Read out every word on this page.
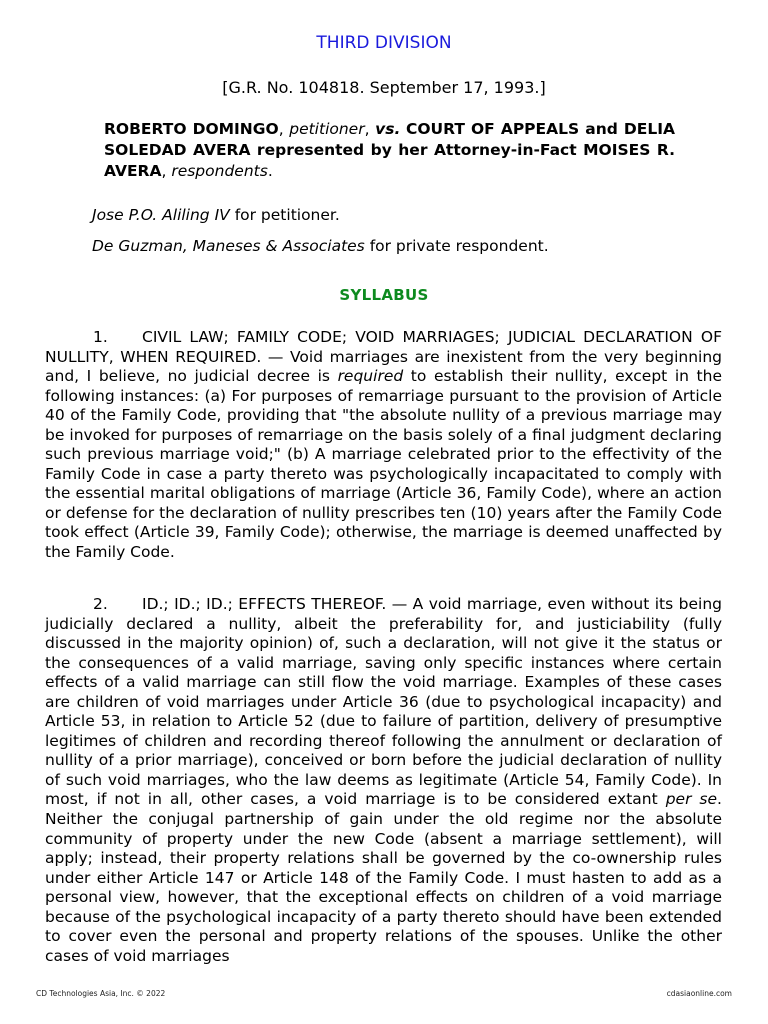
THIRD DIVISION
[G.R. No. 104818. September 17, 1993.]
ROBERTO DOMINGO, petitioner, vs. COURT OF APPEALS and DELIA SOLEDAD AVERA represented by her Attorney-in-Fact MOISES R. AVERA, respondents.
Jose P.O. Aliling IV for petitioner.
De Guzman, Maneses & Associates for private respondent.
SYLLABUS
1. CIVIL LAW; FAMILY CODE; VOID MARRIAGES; JUDICIAL DECLARATION OF NULLITY, WHEN REQUIRED. — Void marriages are inexistent from the very beginning and, I believe, no judicial decree is required to establish their nullity, except in the following instances: (a) For purposes of remarriage pursuant to the provision of Article 40 of the Family Code, providing that "the absolute nullity of a previous marriage may be invoked for purposes of remarriage on the basis solely of a final judgment declaring such previous marriage void;" (b) A marriage celebrated prior to the effectivity of the Family Code in case a party thereto was psychologically incapacitated to comply with the essential marital obligations of marriage (Article 36, Family Code), where an action or defense for the declaration of nullity prescribes ten (10) years after the Family Code took effect (Article 39, Family Code); otherwise, the marriage is deemed unaffected by the Family Code.
2. ID.; ID.; ID.; EFFECTS THEREOF. — A void marriage, even without its being judicially declared a nullity, albeit the preferability for, and justiciability (fully discussed in the majority opinion) of, such a declaration, will not give it the status or the consequences of a valid marriage, saving only specific instances where certain effects of a valid marriage can still flow the void marriage. Examples of these cases are children of void marriages under Article 36 (due to psychological incapacity) and Article 53, in relation to Article 52 (due to failure of partition, delivery of presumptive legitimes of children and recording thereof following the annulment or declaration of nullity of a prior marriage), conceived or born before the judicial declaration of nullity of such void marriages, who the law deems as legitimate (Article 54, Family Code). In most, if not in all, other cases, a void marriage is to be considered extant per se. Neither the conjugal partnership of gain under the old regime nor the absolute community of property under the new Code (absent a marriage settlement), will apply; instead, their property relations shall be governed by the co-ownership rules under either Article 147 or Article 148 of the Family Code. I must hasten to add as a personal view, however, that the exceptional effects on children of a void marriage because of the psychological incapacity of a party thereto should have been extended to cover even the personal and property relations of the spouses. Unlike the other cases of void marriages
CD Technologies Asia, Inc. © 2022	cdasiaonline.com
